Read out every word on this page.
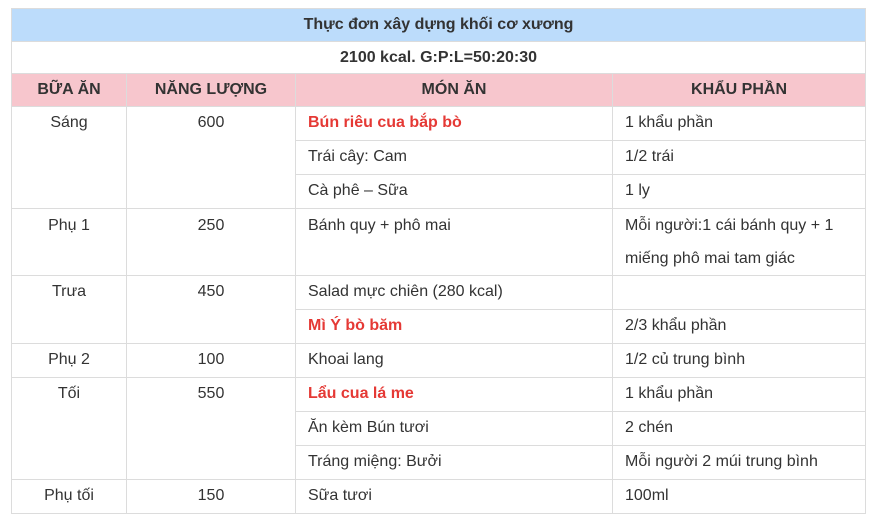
Thực đơn xây dựng khối cơ xương			
2100 kcal. G:P:L=50:20:30			
BỮA ĂN	NĂNG LƯỢNG	MÓN ĂN	KHẨU PHẦN

Sáng	600	Bún riêu cua bắp bò	1 khẩu phần

		Trái cây: Cam	1/2 trái

		Cà phê – Sữa	1 ly

Phụ 1	250	Bánh quy + phô mai	Mỗi người:1 cái bánh quy + 1 miếng phô mai tam giác

Trưa	450	Salad mực chiên (280 kcal)	

		Mì Ý bò băm	2/3 khẩu phần

Phụ 2	100	Khoai lang	1/2 củ trung bình

Tối	550	Lẩu cua lá me	1 khẩu phần

		Ăn kèm Bún tươi	2 chén

		Tráng miệng: Bưởi	Mỗi người 2 múi trung bình

Phụ tối	150	Sữa tươi	100ml
